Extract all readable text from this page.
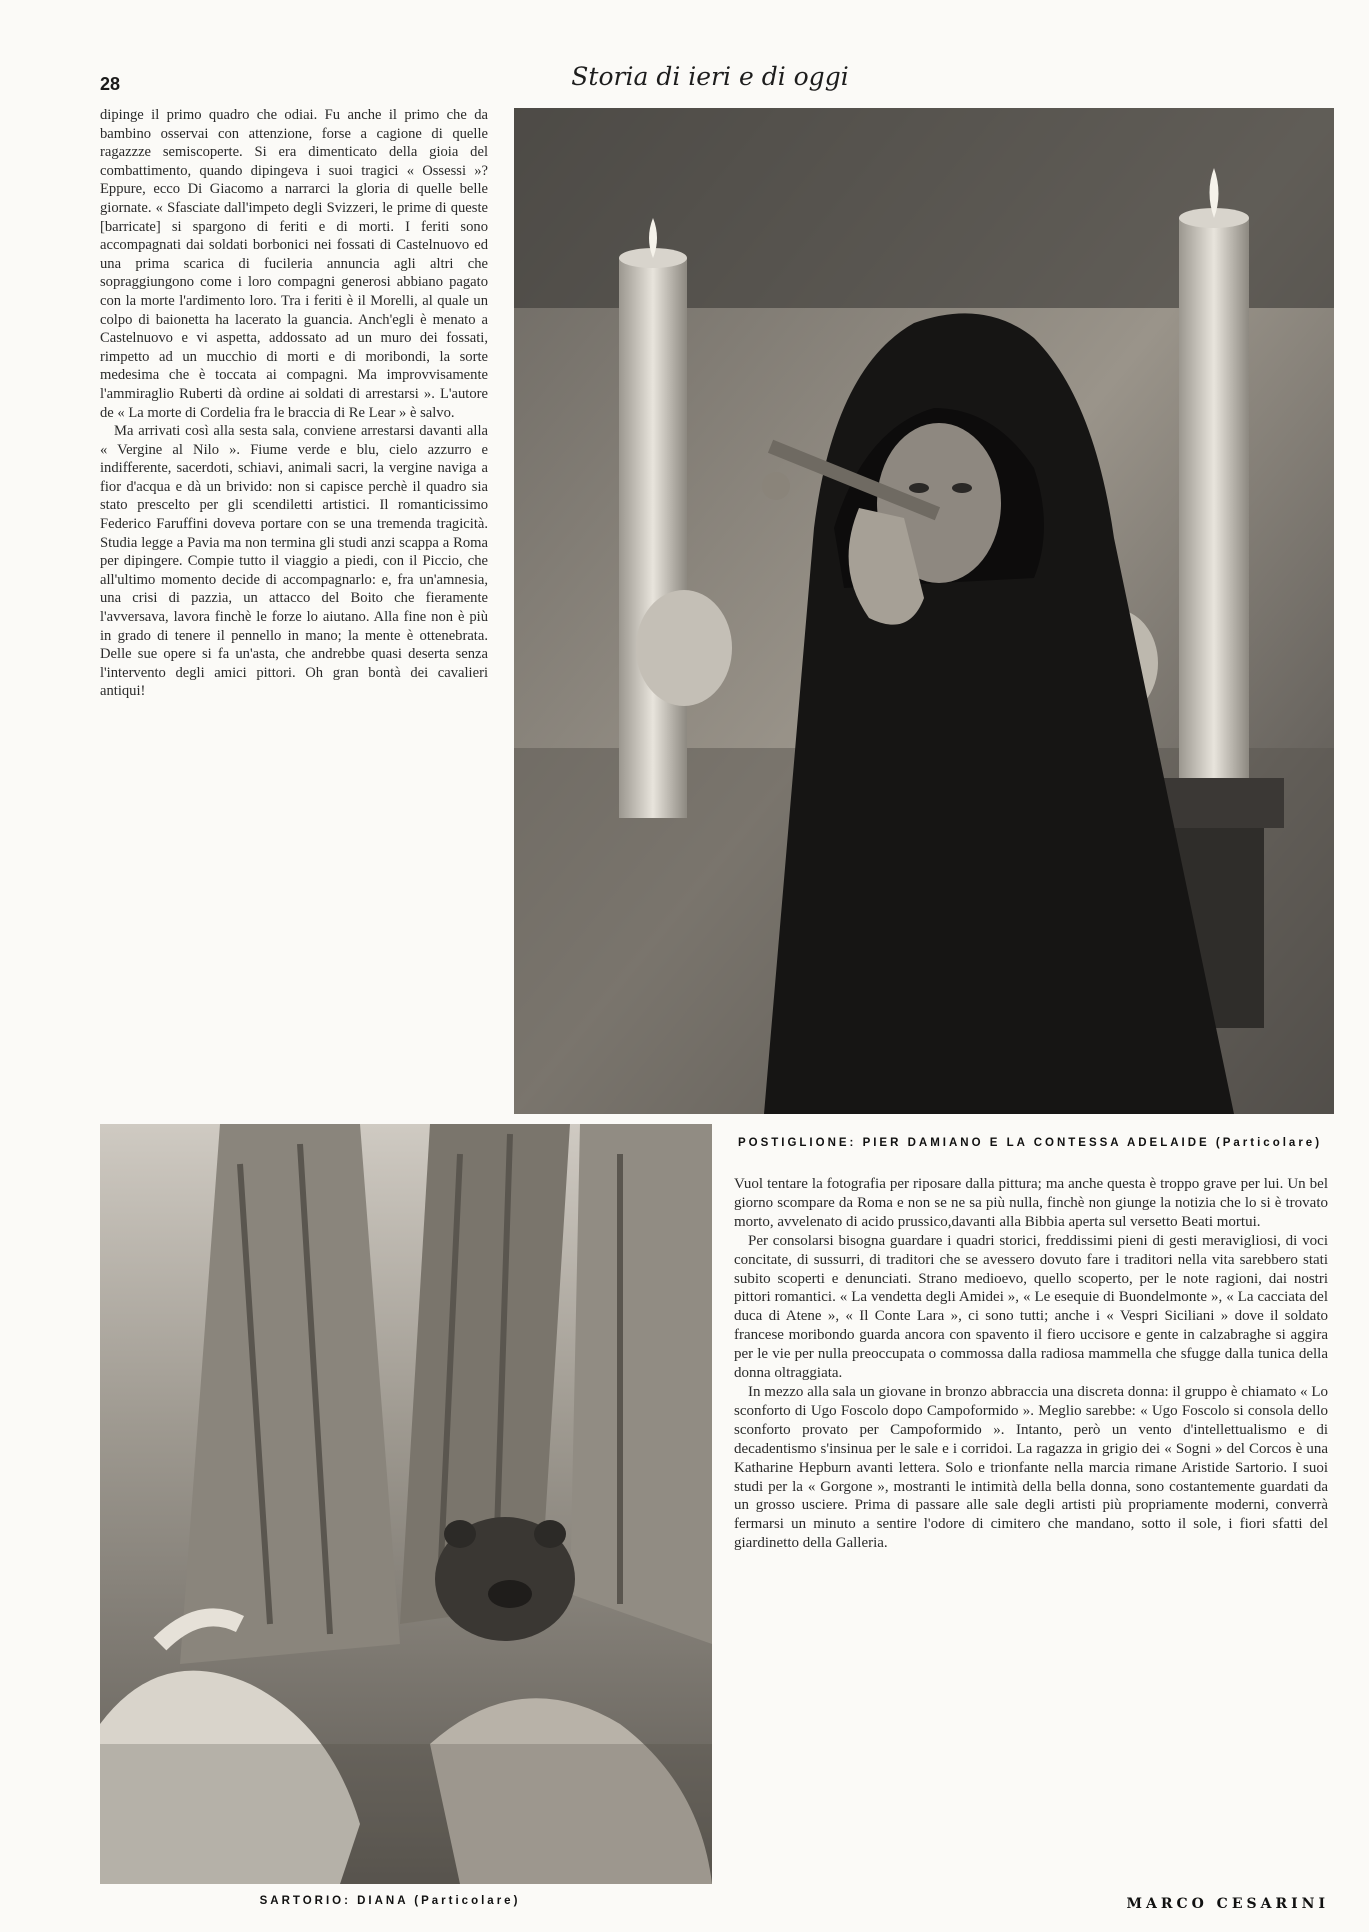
28	Storia di ieri e di oggi

dipinge il primo quadro che odiai. Fu anche il primo che da bambino osservai con attenzione, forse a cagione di quelle ragazzze semiscoperte. Si era dimenticato della gioia del combattimento, quando dipingeva i suoi tragici « Ossessi »? Eppure, ecco Di Giacomo a narrarci la gloria di quelle belle giornate. « Sfasciate dall'impeto degli Svizzeri, le prime di queste [barricate] si spargono di feriti e di morti. I feriti sono accompagnati dai soldati borbonici nei fossati di Castelnuovo ed una prima scarica di fucileria annuncia agli altri che sopraggiungono come i loro compagni generosi abbiano pagato con la morte l'ardimento loro. Tra i feriti è il Morelli, al quale un colpo di baionetta ha lacerato la guancia. Anch'egli è menato a Castelnuovo e vi aspetta, addossato ad un muro dei fossati, rimpetto ad un mucchio di morti e di moribondi, la sorte medesima che è toccata ai compagni. Ma improvvisamente l'ammiraglio Ruberti dà ordine ai soldati di arrestarsi ». L'autore de « La morte di Cordelia fra le braccia di Re Lear » è salvo.

Ma arrivati così alla sesta sala, conviene arrestarsi davanti alla « Vergine al Nilo ». Fiume verde e blu, cielo azzurro e indifferente, sacerdoti, schiavi, animali sacri, la vergine naviga a fior d'acqua e dà un brivido: non si capisce perchè il quadro sia stato prescelto per gli scendiletti artistici. Il romanticissimo Federico Faruffini doveva portare con se una tremenda tragicità. Studia legge a Pavia ma non termina gli studi anzi scappa a Roma per dipingere. Compie tutto il viaggio a piedi, con il Piccio, che all'ultimo momento decide di accompagnarlo: e, fra un'amnesia, una crisi di pazzia, un attacco del Boito che fieramente l'avversava, lavora finchè le forze lo aiutano. Alla fine non è più in grado di tenere il pennello in mano; la mente è ottenebrata. Delle sue opere si fa un'asta, che andrebbe quasi deserta senza l'intervento degli amici pittori. Oh gran bontà dei cavalieri antiqui!

POSTIGLIONE: PIER DAMIANO E LA CONTESSA ADELAIDE (Particolare)

Vuol tentare la fotografia per riposare dalla pittura; ma anche questa è troppo grave per lui. Un bel giorno scompare da Roma e non se ne sa più nulla, finchè non giunge la notizia che lo si è trovato morto, avvelenato di acido prussico,davanti alla Bibbia aperta sul versetto Beati mortui.

Per consolarsi bisogna guardare i quadri storici, freddissimi pieni di gesti meravigliosi, di voci concitate, di sussurri, di traditori che se avessero dovuto fare i traditori nella vita sarebbero stati subito scoperti e denunciati. Strano medioevo, quello scoperto, per le note ragioni, dai nostri pittori romantici. « La vendetta degli Amidei », « Le esequie di Buondelmonte », « La cacciata del duca di Atene », « Il Conte Lara », ci sono tutti; anche i « Vespri Siciliani » dove il soldato francese moribondo guarda ancora con spavento il fiero uccisore e gente in calzabraghe si aggira per le vie per nulla preoccupata o commossa dalla radiosa mammella che sfugge dalla tunica della donna oltraggiata.

In mezzo alla sala un giovane in bronzo abbraccia una discreta donna: il gruppo è chiamato « Lo sconforto di Ugo Foscolo dopo Campoformido ». Meglio sarebbe: « Ugo Foscolo si consola dello sconforto provato per Campoformido ». Intanto, però un vento d'intellettualismo e di decadentismo s'insinua per le sale e i corridoi. La ragazza in grigio dei « Sogni » del Corcos è una Katharine Hepburn avanti lettera. Solo e trionfante nella marcia rimane Aristide Sartorio. I suoi studi per la « Gorgone », mostranti le intimità della bella donna, sono costantemente guardati da un grosso usciere. Prima di passare alle sale degli artisti più propriamente moderni, converrà fermarsi un minuto a sentire l'odore di cimitero che mandano, sotto il sole, i fiori sfatti del giardinetto della Galleria.

SARTORIO: DIANA (Particolare)	MARCO CESARINI
